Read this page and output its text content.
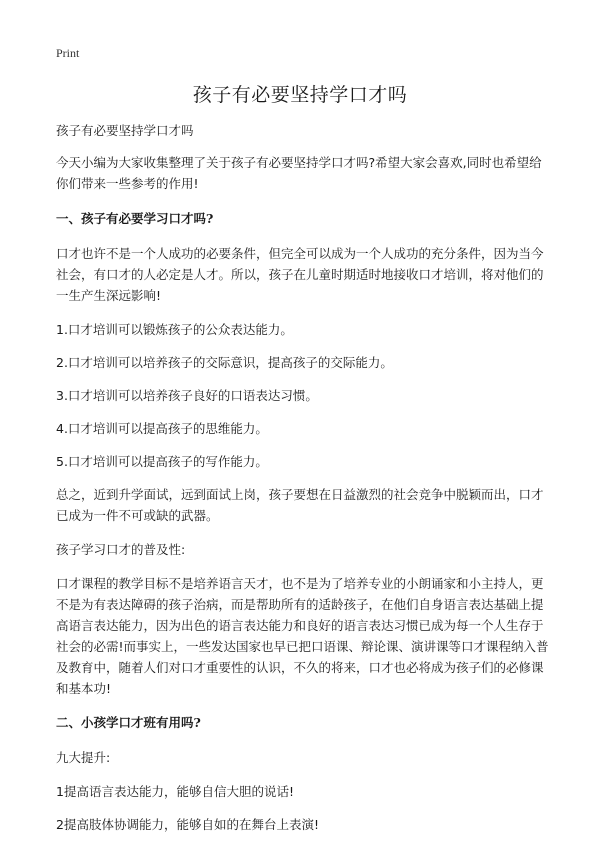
Print
孩子有必要坚持学口才吗

孩子有必要坚持学口才吗

今天小编为大家收集整理了关于孩子有必要坚持学口才吗?希望大家会喜欢,同时也希望给你们带来一些参考的作用!

一、孩子有必要学习口才吗?

口才也许不是一个人成功的必要条件，但完全可以成为一个人成功的充分条件，因为当今社会，有口才的人必定是人才。所以，孩子在儿童时期适时地接收口才培训，将对他们的一生产生深远影响!

1.口才培训可以锻炼孩子的公众表达能力。
2.口才培训可以培养孩子的交际意识，提高孩子的交际能力。
3.口才培训可以培养孩子良好的口语表达习惯。
4.口才培训可以提高孩子的思维能力。
5.口才培训可以提高孩子的写作能力。

总之，近到升学面试，远到面试上岗，孩子要想在日益激烈的社会竞争中脱颖而出，口才已成为一件不可或缺的武器。

孩子学习口才的普及性:

口才课程的教学目标不是培养语言天才，也不是为了培养专业的小朗诵家和小主持人，更不是为有表达障碍的孩子治病，而是帮助所有的适龄孩子，在他们自身语言表达基础上提高语言表达能力，因为出色的语言表达能力和良好的语言表达习惯已成为每一个人生存于社会的必需!而事实上，一些发达国家也早已把口语课、辩论课、演讲课等口才课程纳入普及教育中，随着人们对口才重要性的认识，不久的将来，口才也必将成为孩子们的必修课和基本功!

二、小孩学口才班有用吗?

九大提升:

1提高语言表达能力，能够自信大胆的说话!
2提高肢体协调能力，能够自如的在舞台上表演!
